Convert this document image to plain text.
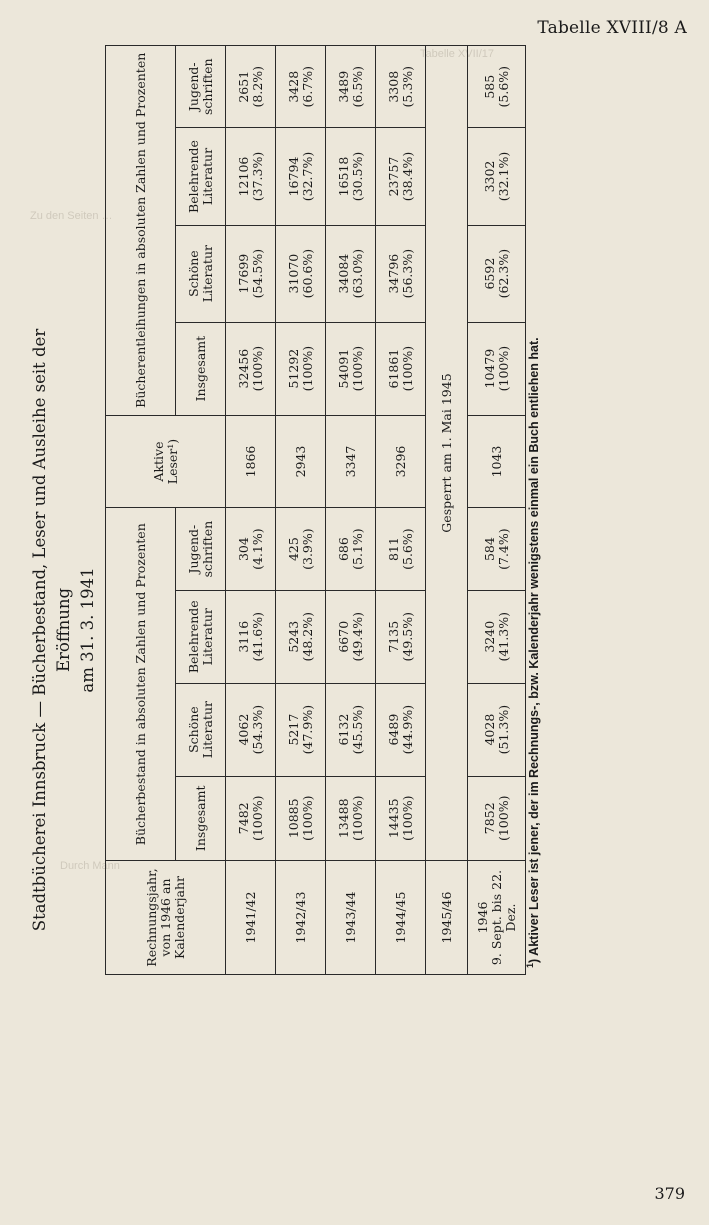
Tabelle XVII/17
Zu den Seiten …
Durch Mann
Tabelle XVIII/8 A
Stadtbücherei Innsbruck — Bücherbestand, Leser und Ausleihe seit der Eröffnung am 31. 3. 1941
Rechnungsjahr, von 1946 an Kalenderjahr	Bücherbestand in absoluten Zahlen und Prozenten				Aktive Leser¹)	Bücherentleihungen in absoluten Zahlen und Prozenten			
	Insgesamt	Schöne Literatur	Belehrende Literatur	Jugend-schriften		Insgesamt	Schöne Literatur	Belehrende Literatur	Jugend-schriften
1941/42	7482 (100%)	4062 (54.3%)	3116 (41.6%)	304 (4.1%)	1866	32456 (100%)	17699 (54.5%)	12106 (37.3%)	2651 (8.2%)

1942/43	10885 (100%)	5217 (47.9%)	5243 (48.2%)	425 (3.9%)	2943	51292 (100%)	31070 (60.6%)	16794 (32.7%)	3428 (6.7%)

1943/44	13488 (100%)	6132 (45.5%)	6670 (49.4%)	686 (5.1%)	3347	54091 (100%)	34084 (63.0%)	16518 (30.5%)	3489 (6.5%)

1944/45	14435 (100%)	6489 (44.9%)	7135 (49.5%)	811 (5.6%)	3296	61861 (100%)	34796 (56.3%)	23757 (38.4%)	3308 (5.3%)

1945/46	Gesperrt am 1. Mai 1945								

1946 9. Sept. bis 22. Dez.	7852 (100%)	4028 (51.3%)	3240 (41.3%)	584 (7.4%)	1043	10479 (100%)	6592 (62.3%)	3302 (32.1%)	585 (5.6%)
$^1$) Aktiver Leser ist jener, der im Rechnungs-, bzw. Kalenderjahr wenigstens einmal ein Buch entliehen hat.
379
